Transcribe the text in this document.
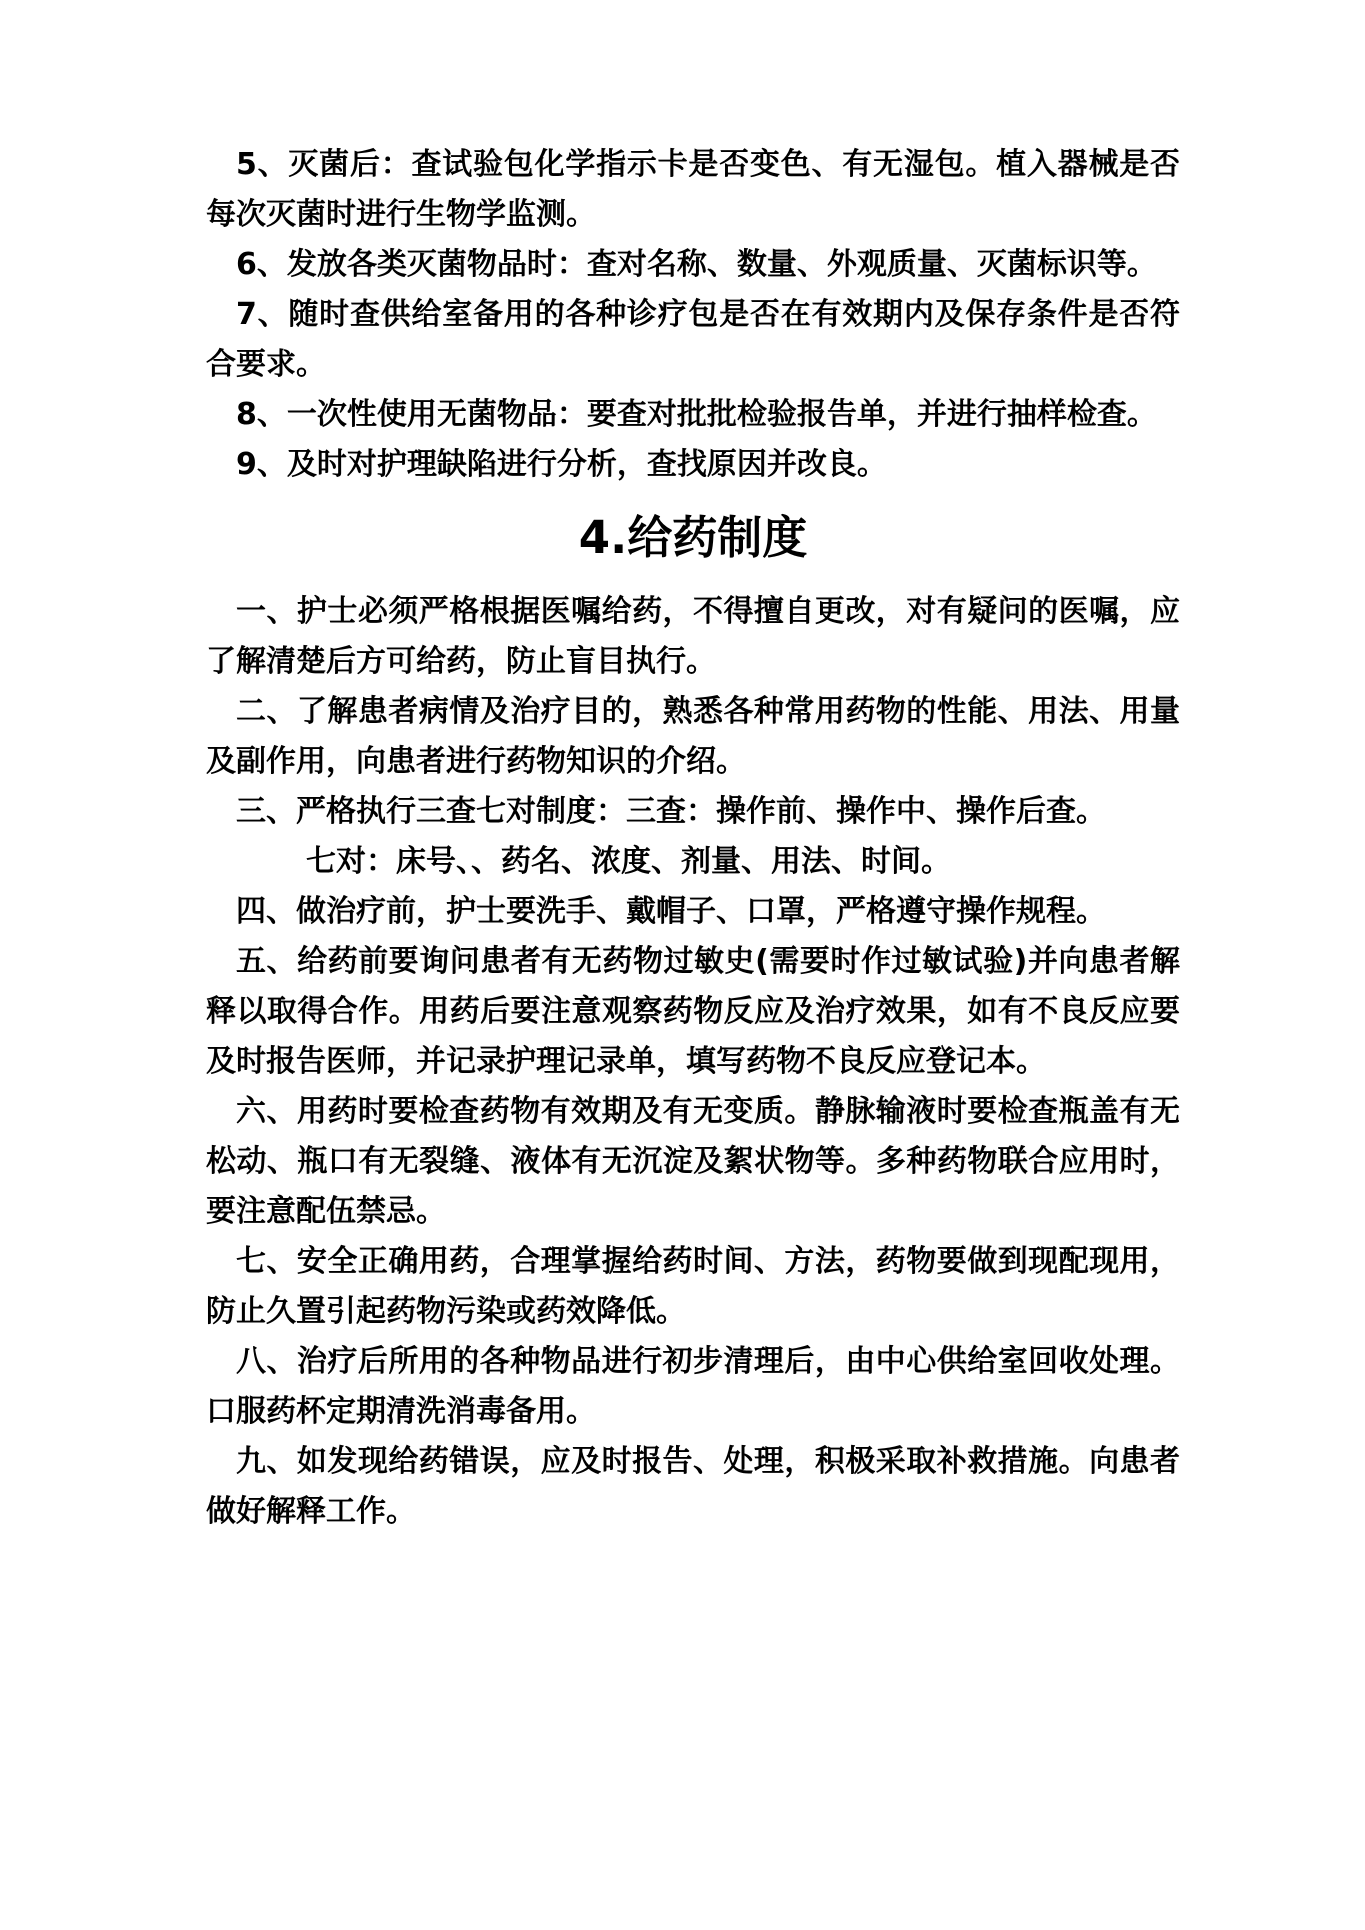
5、灭菌后：查试验包化学指示卡是否变色、有无湿包。植入器械是否每次灭菌时进行生物学监测。

6、发放各类灭菌物品时：查对名称、数量、外观质量、灭菌标识等。

7、随时查供给室备用的各种诊疗包是否在有效期内及保存条件是否符合要求。

8、一次性使用无菌物品：要查对批批检验报告单，并进行抽样检查。

9、及时对护理缺陷进行分析，查找原因并改良。

4.给药制度

一、护士必须严格根据医嘱给药，不得擅自更改，对有疑问的医嘱，应了解清楚后方可给药，防止盲目执行。

二、了解患者病情及治疗目的，熟悉各种常用药物的性能、用法、用量及副作用，向患者进行药物知识的介绍。

三、严格执行三查七对制度：三查：操作前、操作中、操作后查。

七对：床号、、药名、浓度、剂量、用法、时间。

四、做治疗前，护士要洗手、戴帽子、口罩，严格遵守操作规程。

五、给药前要询问患者有无药物过敏史(需要时作过敏试验)并向患者解释以取得合作。用药后要注意观察药物反应及治疗效果，如有不良反应要及时报告医师，并记录护理记录单，填写药物不良反应登记本。

六、用药时要检查药物有效期及有无变质。静脉输液时要检查瓶盖有无松动、瓶口有无裂缝、液体有无沉淀及絮状物等。多种药物联合应用时，要注意配伍禁忌。

七、安全正确用药，合理掌握给药时间、方法，药物要做到现配现用，防止久置引起药物污染或药效降低。

八、治疗后所用的各种物品进行初步清理后，由中心供给室回收处理。口服药杯定期清洗消毒备用。

九、如发现给药错误，应及时报告、处理，积极采取补救措施。向患者做好解释工作。
